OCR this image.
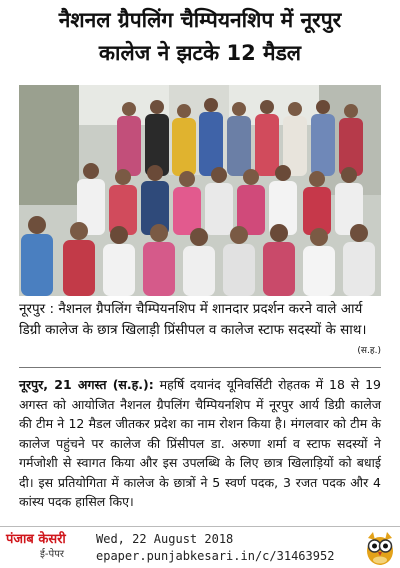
नैशनल ग्रैपलिंग चैम्पियनशिप में नूरपुर
कालेज ने झटके 12 मैडल
नूरपुर : नैशनल ग्रैपलिंग चैम्पियनशिप में शानदार प्रदर्शन करने वाले आर्य डिग्री कालेज के छात्र खिलाड़ी प्रिंसीपल व कालेज स्टाफ सदस्यों के साथ।
(स.ह.)
नूरपुर, 21 अगस्त (स.ह.): महर्षि दयानंद यूनिवर्सिटी रोहतक में 18 से 19 अगस्त को आयोजित नैशनल ग्रैपलिंग चैम्पियनशिप में नूरपुर आर्य डिग्री कालेज की टीम ने 12 मैडल जीतकर प्रदेश का नाम रोशन किया है। मंगलवार को टीम के कालेज पहुंचने पर कालेज की प्रिंसीपल डा. अरुणा शर्मा व स्टाफ सदस्यों ने गर्मजोशी से स्वागत किया और इस उपलब्धि के लिए छात्र खिलाड़ियों को बधाई दी। इस प्रतियोगिता में कालेज के छात्रों ने 5 स्वर्ण पदक, 3 रजत पदक और 4 कांस्य पदक हासिल किए।
पंजाब केसरी
ई-पेपर
Wed, 22 August 2018
epaper.punjabkesari.in/c/31463952
